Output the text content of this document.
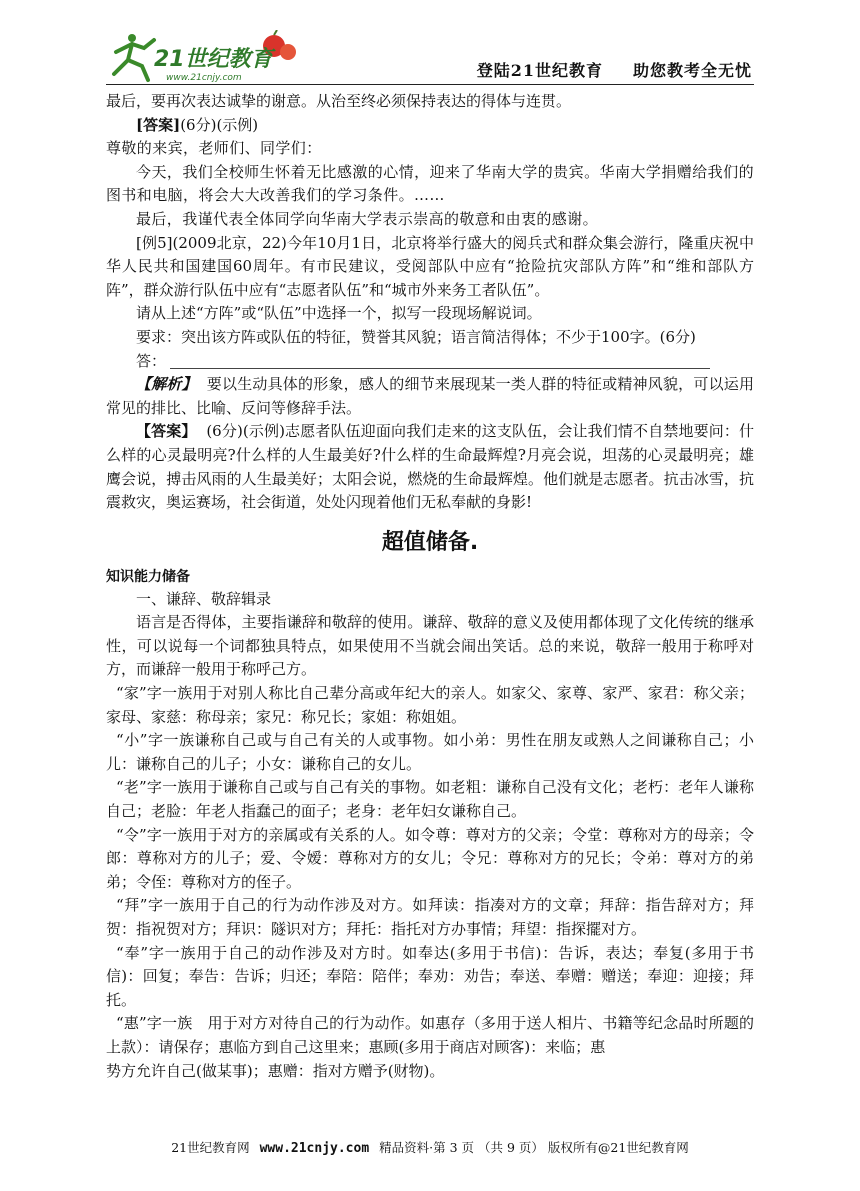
21世纪教育
www.21cnjy.com	登陆21世纪教育 助您教考全无忧

最后，要再次表达诚挚的谢意。从治至终必须保持表达的得体与连贯。

[答案](6分)(示例)

尊敬的来宾，老师们、同学们：

今天，我们全校师生怀着无比感激的心情，迎来了华南大学的贵宾。华南大学捐赠给我们的图书和电脑，将会大大改善我们的学习条件。……

最后，我谨代表全体同学向华南大学表示崇高的敬意和由衷的感谢。

[例5](2009北京，22)今年10月1日，北京将举行盛大的阅兵式和群众集会游行，隆重庆祝中华人民共和国建国60周年。有市民建议，受阅部队中应有“抢险抗灾部队方阵”和“维和部队方阵”，群众游行队伍中应有“志愿者队伍”和“城市外来务工者队伍”。

请从上述“方阵”或“队伍”中选择一个，拟写一段现场解说词。

要求：突出该方阵或队伍的特征，赞誉其风貌；语言简洁得体；不少于100字。(6分)

答：

【解析】 要以生动具体的形象，感人的细节来展现某一类人群的特征或精神风貌，可以运用常见的排比、比喻、反问等修辞手法。

【答案】 (6分)(示例)志愿者队伍迎面向我们走来的这支队伍，会让我们情不自禁地要问：什么样的心灵最明亮?什么样的人生最美好?什么样的生命最辉煌?月亮会说，坦荡的心灵最明亮；雄鹰会说，搏击风雨的人生最美好；太阳会说，燃烧的生命最辉煌。他们就是志愿者。抗击冰雪，抗震救灾，奥运赛场，社会街道，处处闪现着他们无私奉献的身影!

超值储备.

知识能力储备

一、谦辞、敬辞辑录

语言是否得体，主要指谦辞和敬辞的使用。谦辞、敬辞的意义及使用都体现了文化传统的继承性，可以说每一个词都独具特点，如果使用不当就会闹出笑话。总的来说，敬辞一般用于称呼对方，而谦辞一般用于称呼己方。

“家”字一族用于对别人称比自己辈分高或年纪大的亲人。如家父、家尊、家严、家君：称父亲；家母、家慈：称母亲；家兄：称兄长；家姐：称姐姐。

“小”字一族谦称自己或与自己有关的人或事物。如小弟：男性在朋友或熟人之间谦称自己；小儿：谦称自己的儿子；小女：谦称自己的女儿。

“老”字一族用于谦称自己或与自己有关的事物。如老粗：谦称自己没有文化；老朽：老年人谦称自己；老脸：年老人指蠢己的面子；老身：老年妇女谦称自己。

“令”字一族用于对方的亲属或有关系的人。如令尊：尊对方的父亲；令堂：尊称对方的母亲；令郎：尊称对方的儿子；爱、令嫒：尊称对方的女儿；令兄：尊称对方的兄长；令弟：尊对方的弟弟；令侄：尊称对方的侄子。

“拜”字一族用于自己的行为动作涉及对方。如拜读：指凑对方的文章；拜辞：指告辞对方；拜贺：指祝贺对方；拜识：隧识对方；拜托：指托对方办事情；拜望：指探擺对方。

“奉”字一族用于自己的动作涉及对方时。如奉达(多用于书信)：告诉，表达；奉复(多用于书信)：回复；奉告：告诉；归还；奉陪：陪伴；奉劝：劝告；奉送、奉赠：赠送；奉迎：迎接；拜托。

“惠”字一族　用于对方对待自己的行为动作。如惠存（多用于送人相片、书籍等纪念品时所题的上款）：请保存；惠临方到自己这里来；惠顾(多用于商店对顾客)：来临；惠

势方允许自己(做某事)；惠赠：指对方赠予(财物)。

21世纪教育网 www.21cnjy.com 精品资料·第 3 页 （共 9 页） 版权所有@21世纪教育网
